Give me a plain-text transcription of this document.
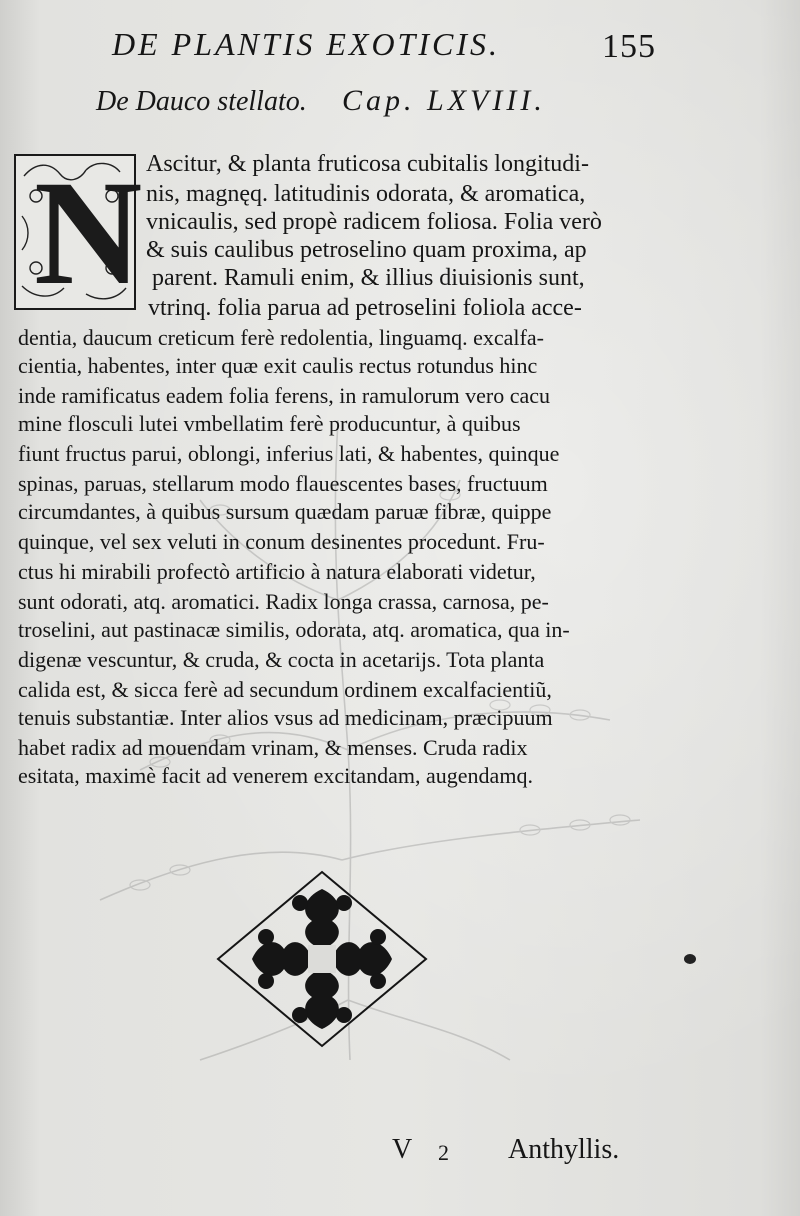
DE PLANTIS EXOTICIS.	155
De Dauco stellato. Cap. LXVIII.
N Ascitur, & planta fruticosa cubitalis longitudi-
nis, magnęq. latitudinis odorata, & aromatica,
vnicaulis, sed propè radicem foliosa. Folia verò
& suis caulibus petroselino quam proxima, ap
parent. Ramuli enim, & illius diuisionis sunt,
vtrinq. folia parua ad petroselini foliola acce-
dentia, daucum creticum ferè redolentia, linguamq. excalfa-
cientia, habentes, inter quæ exit caulis rectus rotundus hinc
inde ramificatus eadem folia ferens, in ramulorum vero cacu
mine flosculi lutei vmbellatim ferè producuntur, à quibus
fiunt fructus parui, oblongi, inferius lati, & habentes, quinque
spinas, paruas, stellarum modo flauescentes bases, fructuum
circumdantes, à quibus sursum quædam paruæ fibræ, quippe
quinque, vel sex veluti in conum desinentes procedunt. Fru-
ctus hi mirabili profectò artificio à natura elaborati videtur,
sunt odorati, atq. aromatici. Radix longa crassa, carnosa, pe-
troselini, aut pastinacæ similis, odorata, atq. aromatica, qua in-
digenæ vescuntur, & cruda, & cocta in acetarijs. Tota planta
calida est, & sicca ferè ad secundum ordinem excalfacientiũ,
tenuis substantiæ. Inter alios vsus ad medicinam, præcipuum
habet radix ad mouendam vrinam, & menses. Cruda radix
esitata, maximè facit ad venerem excitandam, augendamq.
V 2 Anthyllis.
